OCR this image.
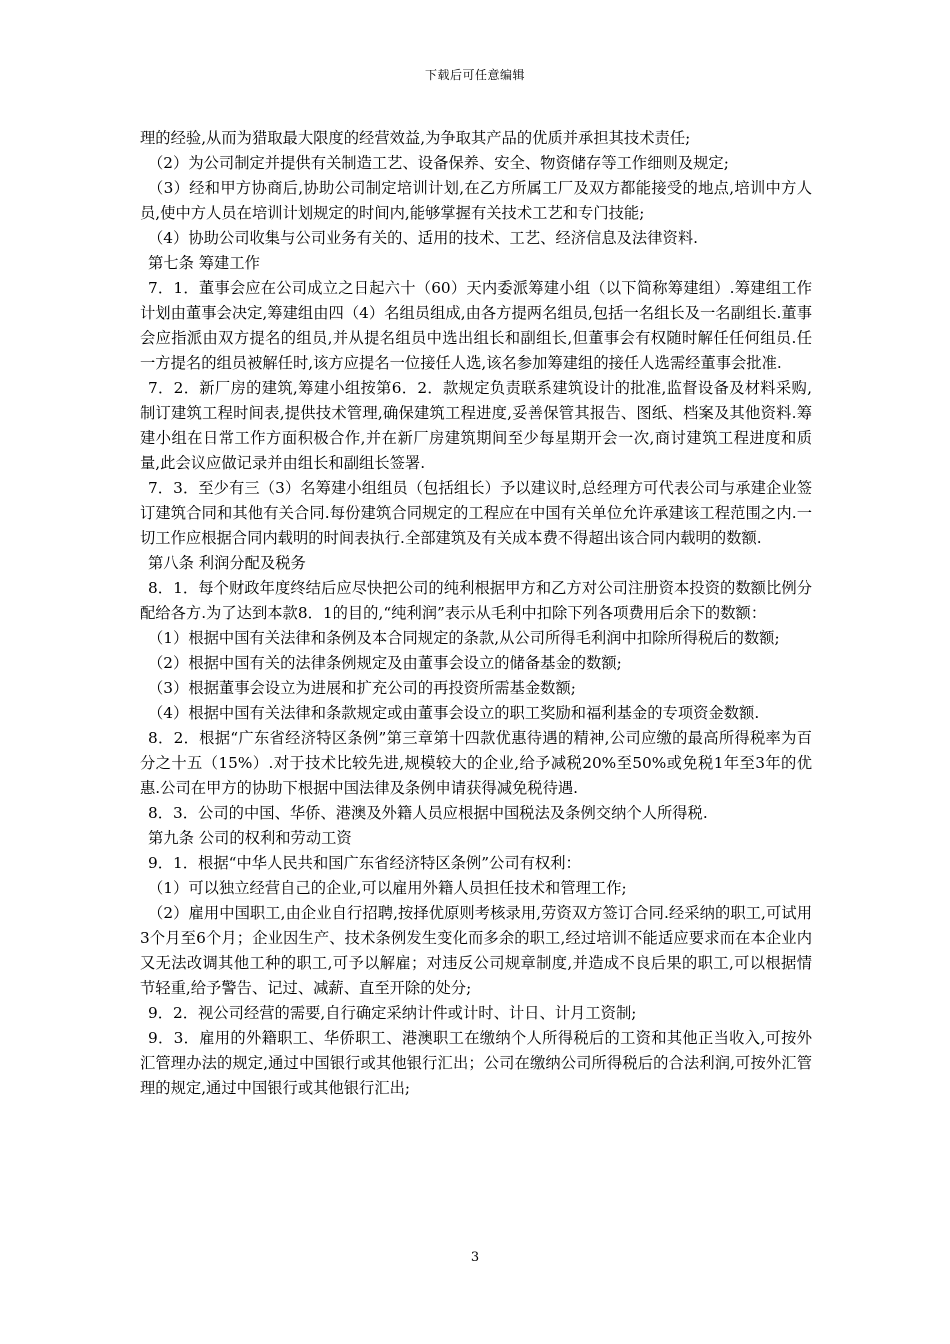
下载后可任意编辑

理的经验,从而为猎取最大限度的经营效益,为争取其产品的优质并承担其技术责任;

（2）为公司制定并提供有关制造工艺、设备保养、安全、物资储存等工作细则及规定;

（3）经和甲方协商后,协助公司制定培训计划,在乙方所属工厂及双方都能接受的地点,培训中方人员,使中方人员在培训计划规定的时间内,能够掌握有关技术工艺和专门技能;

（4）协助公司收集与公司业务有关的、适用的技术、工艺、经济信息及法律资料.

第七条 筹建工作

7．1．董事会应在公司成立之日起六十（60）天内委派筹建小组（以下简称筹建组）.筹建组工作计划由董事会决定,筹建组由四（4）名组员组成,由各方提两名组员,包括一名组长及一名副组长.董事会应指派由双方提名的组员,并从提名组员中选出组长和副组长,但董事会有权随时解任任何组员.任一方提名的组员被解任时,该方应提名一位接任人选,该名参加筹建组的接任人选需经董事会批准.

7．2．新厂房的建筑,筹建小组按第6．2．款规定负责联系建筑设计的批准,监督设备及材料采购,制订建筑工程时间表,提供技术管理,确保建筑工程进度,妥善保管其报告、图纸、档案及其他资料.筹建小组在日常工作方面积极合作,并在新厂房建筑期间至少每星期开会一次,商讨建筑工程进度和质量,此会议应做记录并由组长和副组长签署.

7．3．至少有三（3）名筹建小组组员（包括组长）予以建议时,总经理方可代表公司与承建企业签订建筑合同和其他有关合同.每份建筑合同规定的工程应在中国有关单位允许承建该工程范围之内.一切工作应根据合同内载明的时间表执行.全部建筑及有关成本费不得超出该合同内载明的数额.

第八条 利润分配及税务

8．1．每个财政年度终结后应尽快把公司的纯利根据甲方和乙方对公司注册资本投资的数额比例分配给各方.为了达到本款8．1的目的,“纯利润”表示从毛利中扣除下列各项费用后余下的数额：

（1）根据中国有关法律和条例及本合同规定的条款,从公司所得毛利润中扣除所得税后的数额;

（2）根据中国有关的法律条例规定及由董事会设立的储备基金的数额;

（3）根据董事会设立为进展和扩充公司的再投资所需基金数额;

（4）根据中国有关法律和条款规定或由董事会设立的职工奖励和福利基金的专项资金数额.

8．2．根据“广东省经济特区条例”第三章第十四款优惠待遇的精神,公司应缴的最高所得税率为百分之十五（15%）.对于技术比较先进,规模较大的企业,给予减税20%至50%或免税1年至3年的优惠.公司在甲方的协助下根据中国法律及条例申请获得减免税待遇.

8．3．公司的中国、华侨、港澳及外籍人员应根据中国税法及条例交纳个人所得税.

第九条 公司的权利和劳动工资

9．1．根据“中华人民共和国广东省经济特区条例”公司有权利：

（1）可以独立经营自己的企业,可以雇用外籍人员担任技术和管理工作;

（2）雇用中国职工,由企业自行招聘,按择优原则考核录用,劳资双方签订合同.经采纳的职工,可试用3个月至6个月；企业因生产、技术条例发生变化而多余的职工,经过培训不能适应要求而在本企业内又无法改调其他工种的职工,可予以解雇；对违反公司规章制度,并造成不良后果的职工,可以根据情节轻重,给予警告、记过、减薪、直至开除的处分;

9．2．视公司经营的需要,自行确定采纳计件或计时、计日、计月工资制;

9．3．雇用的外籍职工、华侨职工、港澳职工在缴纳个人所得税后的工资和其他正当收入,可按外汇管理办法的规定,通过中国银行或其他银行汇出；公司在缴纳公司所得税后的合法利润,可按外汇管理的规定,通过中国银行或其他银行汇出;

3
